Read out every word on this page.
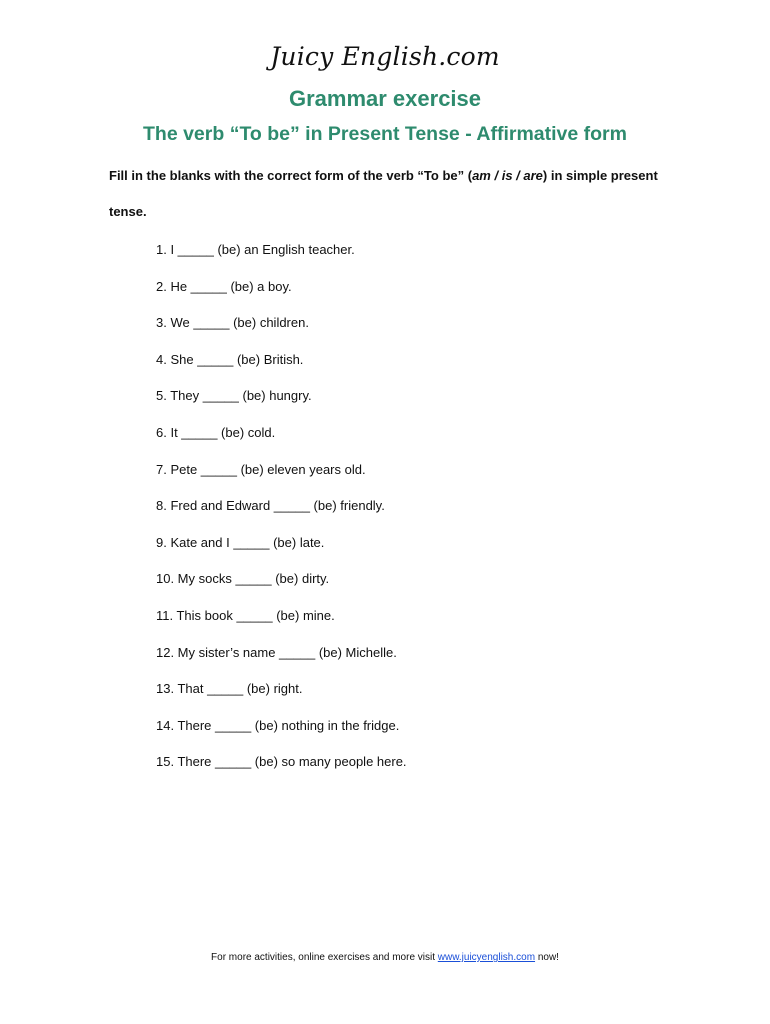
Juicy English.com
Grammar exercise
The verb “To be” in Present Tense - Affirmative form
Fill in the blanks with the correct form of the verb “To be” (am / is / are) in simple present tense.
1. I _____ (be) an English teacher.
2. He _____ (be) a boy.
3. We _____ (be) children.
4. She _____ (be) British.
5. They _____ (be) hungry.
6. It _____ (be) cold.
7. Pete _____ (be) eleven years old.
8. Fred and Edward _____ (be) friendly.
9. Kate and I _____ (be) late.
10. My socks _____ (be) dirty.
11. This book _____ (be) mine.
12. My sister’s name _____ (be) Michelle.
13. That _____ (be) right.
14. There _____ (be) nothing in the fridge.
15. There _____ (be) so many people here.
For more activities, online exercises and more visit www.juicyenglish.com now!
